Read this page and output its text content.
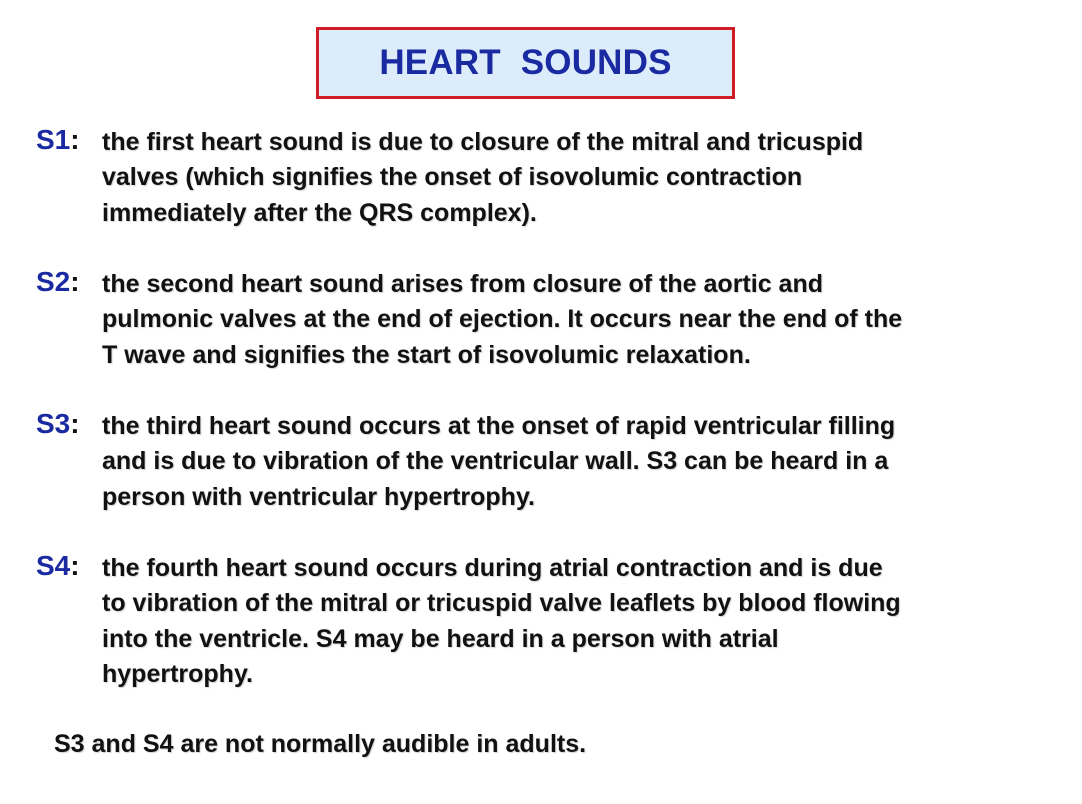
HEART  SOUNDS
S1: the first heart sound is due to closure of the mitral and tricuspid
valves (which signifies the onset of isovolumic contraction
immediately after the QRS complex).
S2: the second heart sound arises from closure of the aortic and
pulmonic valves at the end of ejection. It occurs near the end of the
T wave and signifies the start of isovolumic relaxation.
S3: the third heart sound occurs at the onset of rapid ventricular filling
and is due to vibration of the ventricular wall. S3 can be heard in a
person with ventricular hypertrophy.
S4: the fourth heart sound occurs during atrial contraction and is due
to vibration of the mitral or tricuspid valve leaflets by blood flowing
into the ventricle. S4 may be heard in a person with atrial
hypertrophy.
S3 and S4 are not normally audible in adults.
